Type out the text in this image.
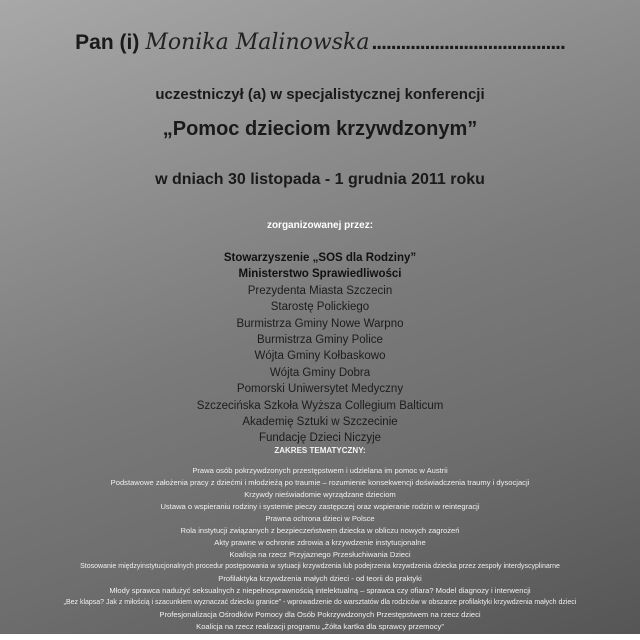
Pan (i) Monika Malinowska........................................
uczestniczył (a) w specjalistycznej konferencji
„Pomoc dzieciom krzywdzonym”
w dniach 30 listopada - 1 grudnia 2011 roku
zorganizowanej przez:
Stowarzyszenie „SOS dla Rodziny”
Ministerstwo Sprawiedliwości
Prezydenta Miasta Szczecin
Starostę Polickiego
Burmistrza Gminy Nowe Warpno
Burmistrza Gminy Police
Wójta Gminy Kołbaskowo
Wójta Gminy Dobra
Pomorski Uniwersytet Medyczny
Szczecińska Szkoła Wyższa Collegium Balticum
Akademię Sztuki w Szczecinie
Fundację Dzieci Niczyje
ZAKRES TEMATYCZNY:
Prawa osób pokrzywdzonych przestępstwem i udzielana im pomoc w Austrii
Podstawowe założenia pracy z dziećmi i młodzieżą po traumie – rozumienie konsekwencji doświadczenia traumy i dysocjacji
Krzywdy nieświadomie wyrządzane dzieciom
Ustawa o wspieraniu rodziny i systemie pieczy zastępczej oraz wspieranie rodzin w reintegracji
Prawna ochrona dzieci w Polsce
Rola instytucji związanych z bezpieczeństwem dziecka w obliczu nowych zagrożeń
Akty prawne w ochronie zdrowia a krzywdzenie instytucjonalne
Koalicja na rzecz Przyjaznego Przesłuchiwania Dzieci
Stosowanie międzyinstytucjonalnych procedur postępowania w sytuacji krzywdzenia lub podejrzenia krzywdzenia dziecka przez zespoły interdyscyplinarne
Profilaktyka krzywdzenia małych dzieci - od teorii do praktyki
Młody sprawca nadużyć seksualnych z niepełnosprawnością intelektualną – sprawca czy ofiara? Model diagnozy i interwencji
„Bez klapsa? Jak z miłością i szacunkiem wyznaczać dziecku granice” - wprowadzenie do warsztatów dla rodziców w obszarze profilaktyki krzywdzenia małych dzieci
Profesjonalizacja Ośrodków Pomocy dla Osób Pokrzywdzonych Przestępstwem na rzecz dzieci
Koalicja na rzecz realizacji programu „Żółta kartka dla sprawcy przemocy”
